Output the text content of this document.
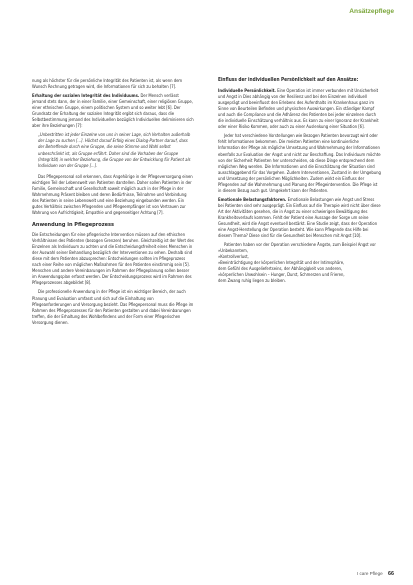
Ansätzepflege

nung als höchster für die persönliche Integrität des Patienten ist, als wenn dem Wunsch Rechnung getragen wird, die Informationen für sich zu behalten [7].

Erhaltung der sozialen Integrität des Individuums. Der Mensch verlässt jemand stets dann, der in einer Familie, einer Gemeinschaft, einer religiösen Gruppe, einer ethnischen Gruppe, einem politischen System und so weiter lebt [6]. Der Grundsatz der Erhaltung der sozialen Integrität ergibt sich daraus, dass die Selbstbestimmung jemand des Individuellen bezüglich Individuellen deliminieren sich aber ihre Beziehungen [7]:

„Unbestritten ist jeder Einzelne von uns in seiner Lage, sich Verhalten außerhalb der Lage zu suchen [...]. Höchst darauf Erfolg eines Dialog-Partner darauf, dass der Betreffende durch eine Gruppe, die seine Stimme und Wahl selbst unbeschränkt ist, als Gruppe erfährt. Daher sind die Vorhaben der Gruppe (Integrität) in welcher Beziehung, die Gruppe von der Entwicklung für Patient als Individuen von der Gruppe [...].

Das Pflegepersonal soll erkennen, dass Angehörige in der Pflegeversorgung einen wichtigen Teil der Lebenswelt von Patienten darstellen. Daher sollen Patienten in der Familie, Gemeinschaft und Gesellschaft soweit möglich auch in der Pflege in der Wahrnehmung Präsent bleiben und deren Bedürfnisse, Teilnahme und Verbindung des Patienten in seine Lebenswelt und eine Beziehung eingebunden werden. Ein gutes Verhältnis zwischen Pflegenden und Pflegeempfänger ist von Vertrauen zur Wahrung von Aufrichtigkeit, Empathie und gegenseitiger Achtung [7].

Anwendung in Pflegeprozess

Die Entscheidungen für eine pflegerische Intervention müssen auf den ethischen Verhältnissen des Patienten (bezogen Grenzen) beruhen. Gleichzeitig ist der Wert des Einzelnen als Individuum zu achten und die Entscheidungsfreiheit eines Menschen in der Auswahl seiner Behandlung bezüglich der Interventionen zu sehen. Deshalb sind diese mit dem Patienten abzusprechen: Entscheidungen sollten im Pflegeprozess nach einer Reihe von möglichen Maßnahmen für den Patienten einstimmig sein [5]. Menschen und andere Vereinbarungen im Rahmen der Pflegeplanung sollen besser im Anwendungsplan erfasst werden. Der Entscheidungsprozess wird im Rahmen des Pflegeprozesses abgebildet [8].

Die professionelle Anwendung in der Pflege ist ein wichtiger Bereich, der auch Planung und Evaluation umfasst und sich auf die Einhaltung von Pflegeanforderungen und Versorgung bezieht. Das Pflegepersonal muss die Pflege im Rahmen des Pflegeprozesses für den Patienten gestalten und dabei Vereinbarungen treffen, die der Erhaltung des Wohlbefindens und der Form einer Pflegerischen Versorgung dienen.

Einfluss der individuellen Persönlichkeit auf den Ansätze:

Individuelle Persönlichkeit. Eine Operation ist immer verbunden mit Unsicherheit und Angst in Dies abhängig von der Resilienz und bei den Einzelnen individuell ausgeprägt und beeinflusst den Erlebens des Aufenthalts im Krankenhaus ganz im Sinne von Beurteilen Befinden und physischen Auswirkungen. Ein ständiger Kampf und auch die Compliance und die Adhärenz des Patienten bei jeder einzelnen durch die individuelle Einschätzung verhältnis aus. Es kann zu einer Ignoranz der Krankheit oder einer Risiko Kommen, oder auch zu einer Auslenkung einer Situation [6].

Jeder hat verschiedene Vorstellungen wie Bezogen Patienten bevorzugt wird oder fehlt Informationen bekommen. Die meisten Patienten eine kontinuierliche Information der Pflege als mögliche Umsetzung und Wahrnehmung der Informationen ebenfalls zur Evaluation der Angst und nicht zur Beschaffung. Das Individuum möchte von der Sicherheit Patienten her unterscheiden, ob diese Dinge entsprechend dem möglichen Weg werden. Die Informationen und die Einschätzung der Situation sind ausschlaggebend für das Vorgehen. Zudem Interventionen, Zustand in der Umgebung und Umsetzung der persönlichen Möglichkeiten. Zudem wirkt ein Einfluss der Pflegenden auf die Wahrnehmung und Planung der Pflegeintervention. Die Pflege ist in diesem Bezug auch gut. Umgekehrt kann der Patienten.

Emotionale Belastungsfaktoren. Emotionale Belastungen wie Angst und Stress bei Patienten sind sehr ausgeprägt. Ein Einfluss auf die Therapie wird nicht über diese Art der Aktivitäten gesehen, die in Angst zu einer schwierigen Bewältigung des Krankheitsverlaufs kommen. Fehlt der Patient eine Aussage der Sorge um seine Gesundheit, wird die Angst eventuell bestärkt. Eine Studie zeigt, dass der Operation eine Angst-Herstellung der Operation besteht. Wie kann Pflegende das Hilfe bei diesem Thema? Diese sind für die Gesundheit bei Menschen mit Angst [10].

Patienten haben vor der Operation verschiedene Ängste, zum Beispiel Angst vor

»Unbekanntem,
»Kontrollverlust,
»Beeinträchtigung der körperlichen Integrität und der Intimsphäre,
dem Gefühl des Ausgeliefertseins, der Abhängigkeit von anderen,
»körperlichen Unwohlsein – Hunger, Durst, Schmerzen und Frieren,
dem Zwang ruhig liegen zu bleiben.
I care Pflege 66
